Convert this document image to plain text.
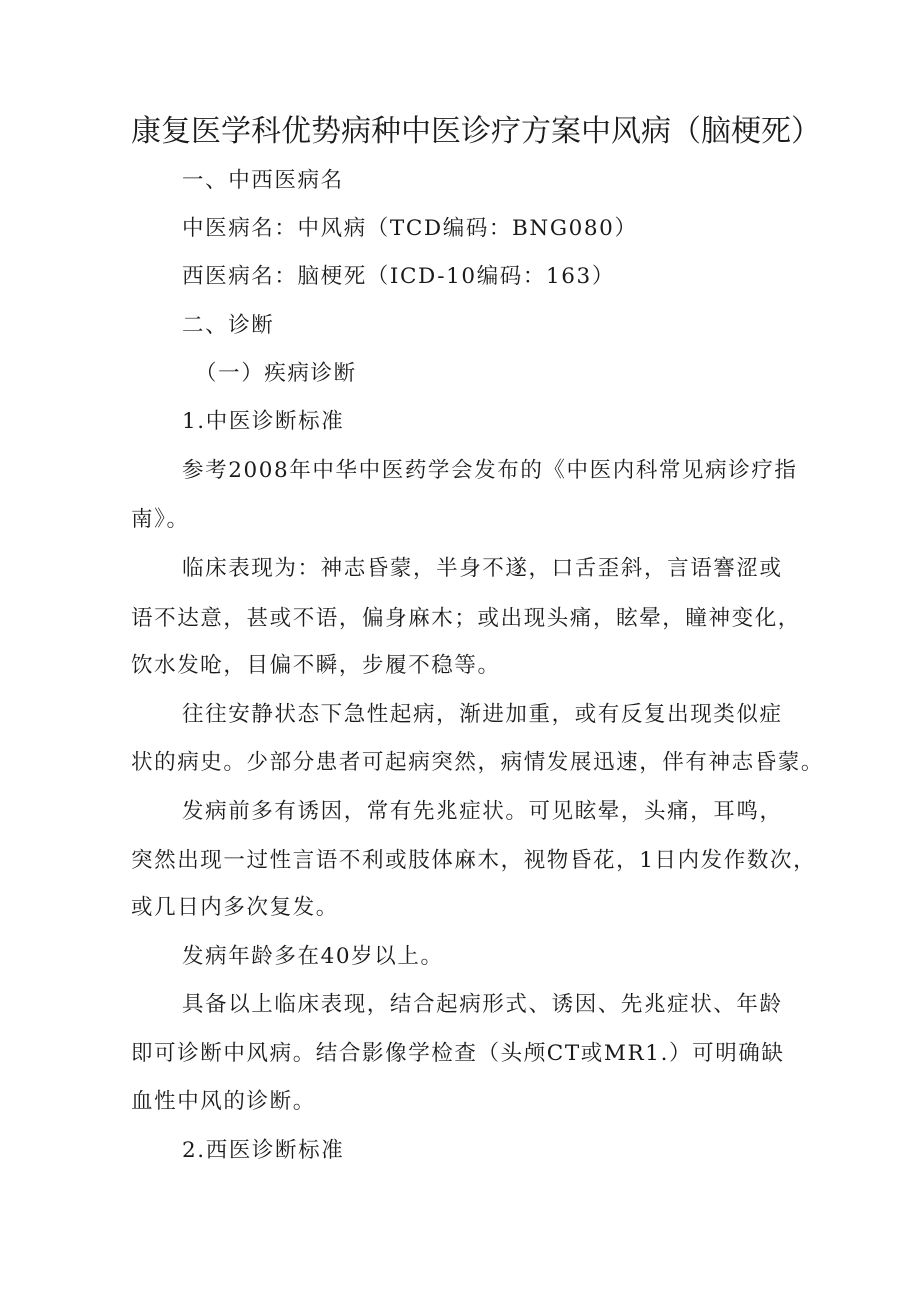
康复医学科优势病种中医诊疗方案中风病（脑梗死）
一、中西医病名
中医病名：中风病（TCD编码：BNG080）
西医病名：脑梗死（ICD-10编码：163）
二、诊断
（一）疾病诊断
1.中医诊断标准
参考2008年中华中医药学会发布的《中医内科常见病诊疗指
南》。
临床表现为：神志昏蒙，半身不遂，口舌歪斜，言语謇涩或
语不达意，甚或不语，偏身麻木；或出现头痛，眩晕，瞳神变化，
饮水发呛，目偏不瞬，步履不稳等。
往往安静状态下急性起病，渐进加重，或有反复出现类似症
状的病史。少部分患者可起病突然，病情发展迅速，伴有神志昏蒙。
发病前多有诱因，常有先兆症状。可见眩晕，头痛，耳鸣，
突然出现一过性言语不利或肢体麻木，视物昏花，1日内发作数次，
或几日内多次复发。
发病年龄多在40岁以上。
具备以上临床表现，结合起病形式、诱因、先兆症状、年龄
即可诊断中风病。结合影像学检查（头颅CT或MR1.）可明确缺
血性中风的诊断。
2.西医诊断标准
